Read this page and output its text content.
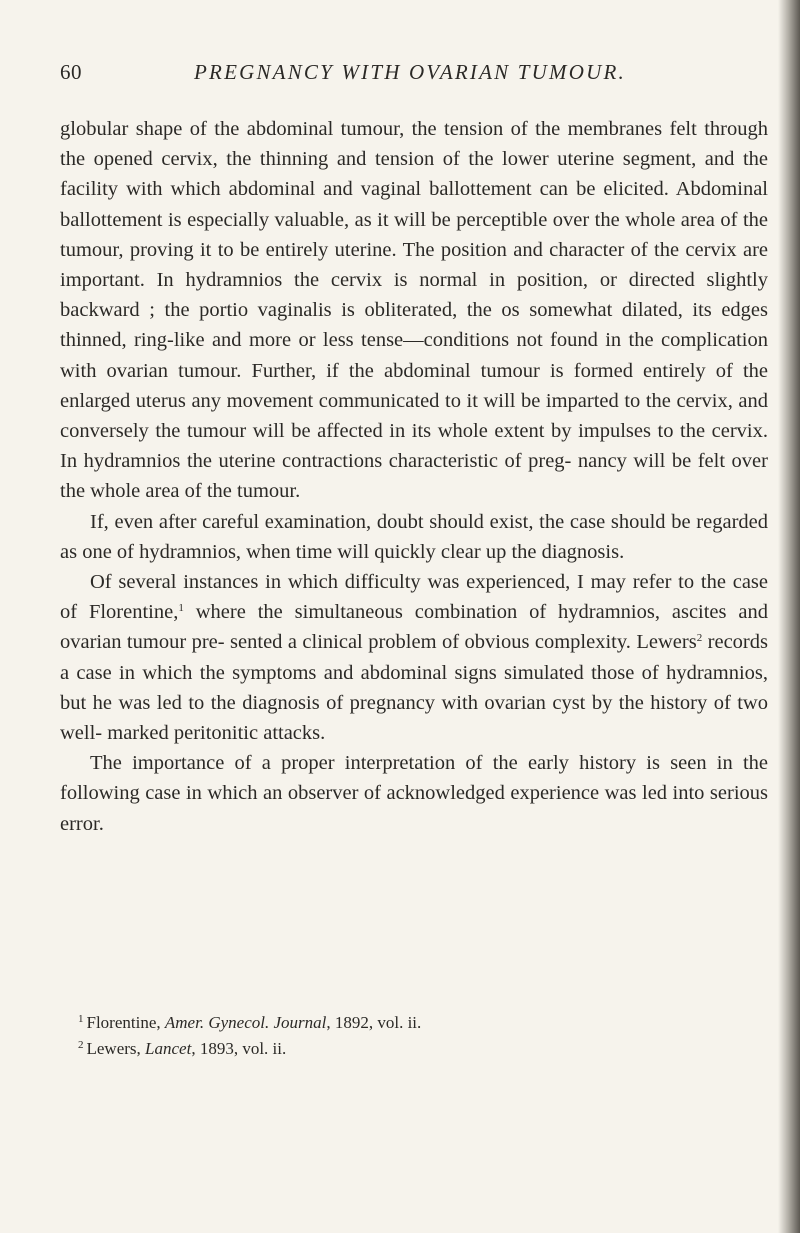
60	PREGNANCY WITH OVARIAN TUMOUR.

globular shape of the abdominal tumour, the tension of the membranes felt through the opened cervix, the thinning and tension of the lower uterine segment, and the facility with which abdominal and vaginal ballottement can be elicited. Abdominal ballottement is especially valuable, as it will be perceptible over the whole area of the tumour, proving it to be entirely uterine. The position and character of the cervix are important. In hydramnios the cervix is normal in position, or directed slightly backward ; the portio vaginalis is obliterated, the os somewhat dilated, its edges thinned, ring-like and more or less tense—conditions not found in the complication with ovarian tumour. Further, if the abdominal tumour is formed entirely of the enlarged uterus any movement communicated to it will be imparted to the cervix, and conversely the tumour will be affected in its whole extent by impulses to the cervix. In hydramnios the uterine contractions characteristic of preg- nancy will be felt over the whole area of the tumour.

If, even after careful examination, doubt should exist, the case should be regarded as one of hydramnios, when time will quickly clear up the diagnosis.

Of several instances in which difficulty was experienced, I may refer to the case of Florentine,$^1$ where the simultaneous combination of hydramnios, ascites and ovarian tumour pre- sented a clinical problem of obvious complexity. Lewers$^2$ records a case in which the symptoms and abdominal signs simulated those of hydramnios, but he was led to the diagnosis of pregnancy with ovarian cyst by the history of two well- marked peritonitic attacks.

The importance of a proper interpretation of the early history is seen in the following case in which an observer of acknowledged experience was led into serious error.

$^1$ Florentine, Amer. Gynecol. Journal, 1892, vol. ii.

$^2$ Lewers, Lancet, 1893, vol. ii.
